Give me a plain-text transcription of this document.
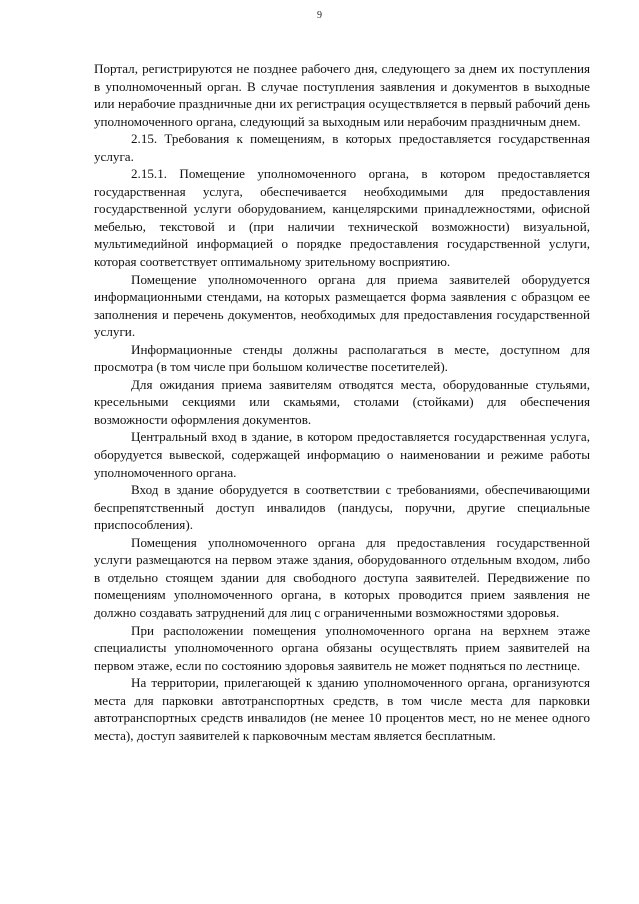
9

Портал, регистрируются не позднее рабочего дня, следующего за днем их поступления в уполномоченный орган. В случае поступления заявления и документов в выходные или нерабочие праздничные дни их регистрация осуществляется в первый рабочий день уполномоченного органа, следующий за выходным или нерабочим праздничным днем.

2.15. Требования к помещениям, в которых предоставляется государственная услуга.

2.15.1. Помещение уполномоченного органа, в котором предоставляется государственная услуга, обеспечивается необходимыми для предоставления государственной услуги оборудованием, канцелярскими принадлежностями, офисной мебелью, текстовой и (при наличии технической возможности) визуальной, мультимедийной информацией о порядке предоставления государственной услуги, которая соответствует оптимальному зрительному восприятию.

Помещение уполномоченного органа для приема заявителей оборудуется информационными стендами, на которых размещается форма заявления с образцом ее заполнения и перечень документов, необходимых для предоставления государственной услуги.

Информационные стенды должны располагаться в месте, доступном для просмотра (в том числе при большом количестве посетителей).

Для ожидания приема заявителям отводятся места, оборудованные стульями, кресельными секциями или скамьями, столами (стойками) для обеспечения возможности оформления документов.

Центральный вход в здание, в котором предоставляется государственная услуга, оборудуется вывеской, содержащей информацию о наименовании и режиме работы уполномоченного органа.

Вход в здание оборудуется в соответствии с требованиями, обеспечивающими беспрепятственный доступ инвалидов (пандусы, поручни, другие специальные приспособления).

Помещения уполномоченного органа для предоставления государственной услуги размещаются на первом этаже здания, оборудованного отдельным входом, либо в отдельно стоящем здании для свободного доступа заявителей. Передвижение по помещениям уполномоченного органа, в которых проводится прием заявления не должно создавать затруднений для лиц с ограниченными возможностями здоровья.

При расположении помещения уполномоченного органа на верхнем этаже специалисты уполномоченного органа обязаны осуществлять прием заявителей на первом этаже, если по состоянию здоровья заявитель не может подняться по лестнице.

На территории, прилегающей к зданию уполномоченного органа, организуются места для парковки автотранспортных средств, в том числе места для парковки автотранспортных средств инвалидов (не менее 10 процентов мест, но не менее одного места), доступ заявителей к парковочным местам является бесплатным.
